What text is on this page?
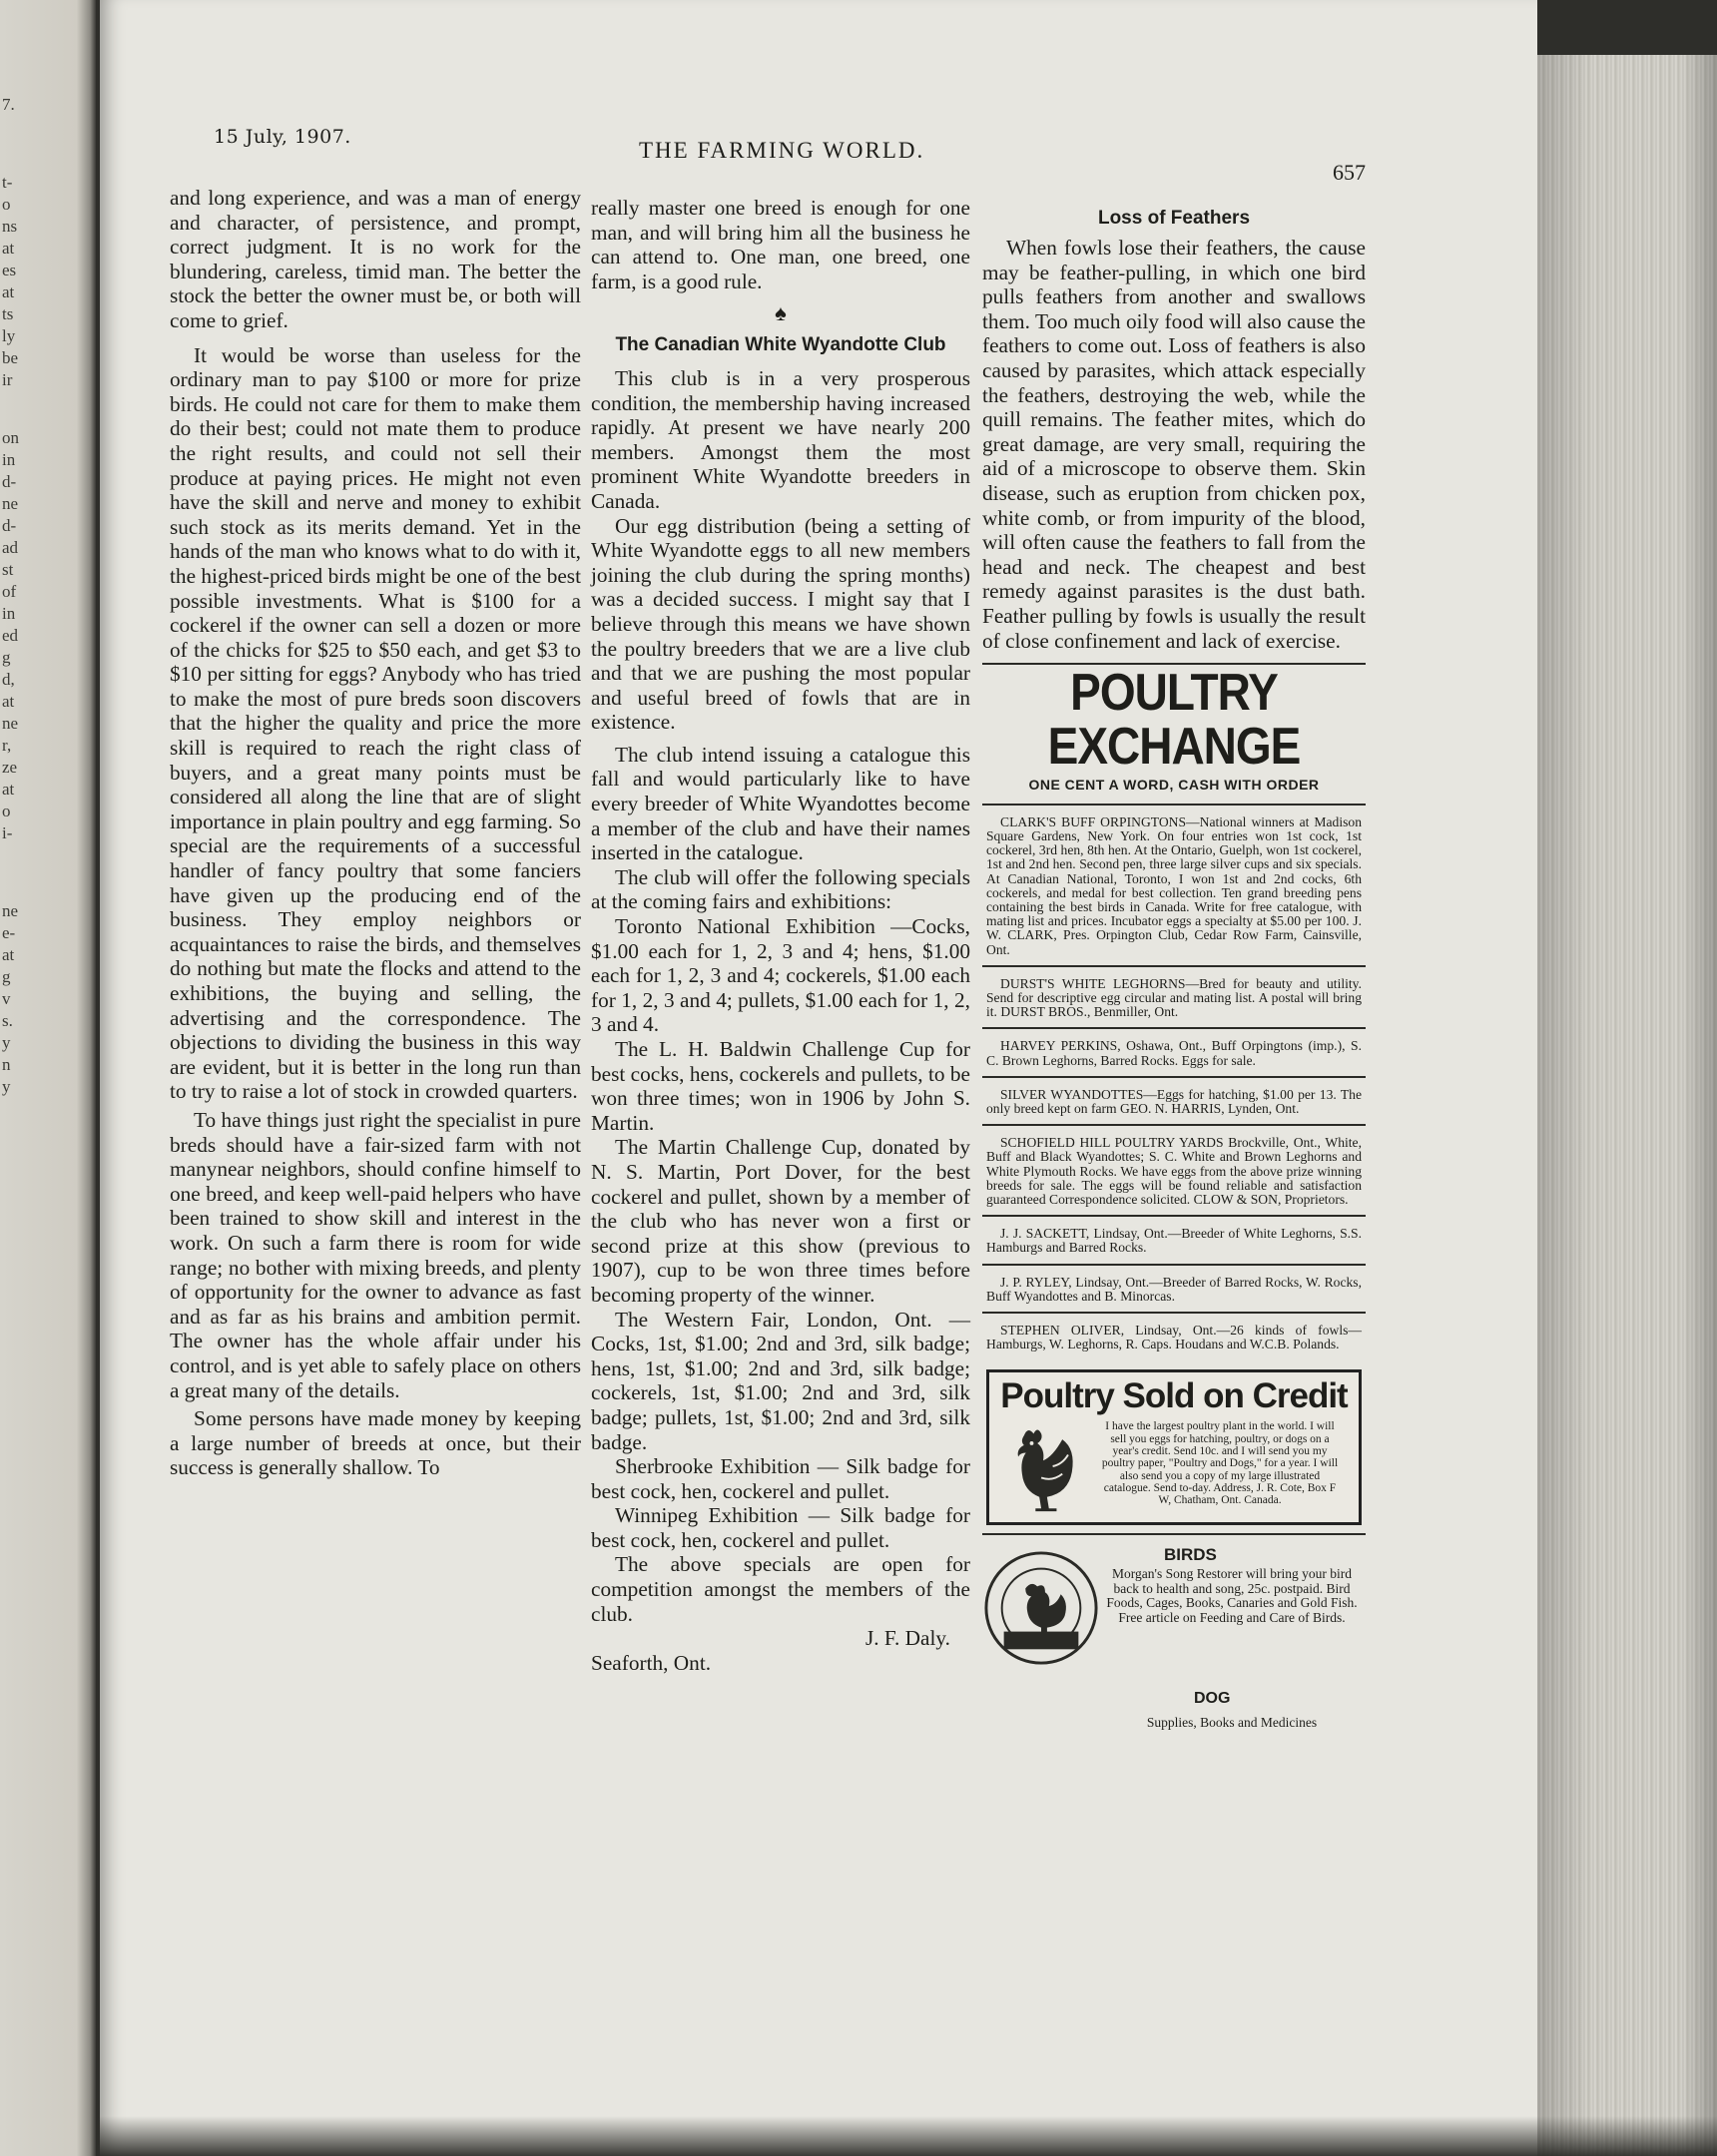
7.
t-
o
ns
at
es
at
ts
ly
be
ir
on
in
d-
ne
d-
ad
st
of
in
ed
g
d,
at
ne
r,
ze
at
o
i-
ne
e-
at
g
v
s.
y
n
y
15 July, 1907.
THE FARMING WORLD.
657

and long experience, and was a man of energy and character, of persistence, and prompt, correct judgment. It is no work for the blundering, careless, timid man. The better the stock the better the owner must be, or both will come to grief.

It would be worse than useless for the ordinary man to pay $100 or more for prize birds. He could not care for them to make them do their best; could not mate them to produce the right results, and could not sell their produce at paying prices. He might not even have the skill and nerve and money to exhibit such stock as its merits demand. Yet in the hands of the man who knows what to do with it, the highest-priced birds might be one of the best possible investments. What is $100 for a cockerel if the owner can sell a dozen or more of the chicks for $25 to $50 each, and get $3 to $10 per sitting for eggs? Anybody who has tried to make the most of pure breds soon discovers that the higher the quality and price the more skill is required to reach the right class of buyers, and a great many points must be considered all along the line that are of slight importance in plain poultry and egg farming. So special are the requirements of a successful handler of fancy poultry that some fanciers have given up the producing end of the business. They employ neighbors or acquaintances to raise the birds, and themselves do nothing but mate the flocks and attend to the exhibitions, the buying and selling, the advertising and the correspondence. The objections to dividing the business in this way are evident, but it is better in the long run than to try to raise a lot of stock in crowded quarters.

To have things just right the specialist in pure breds should have a fair-sized farm with not manynear neighbors, should confine himself to one breed, and keep well-paid helpers who have been trained to show skill and interest in the work. On such a farm there is room for wide range; no bother with mixing breeds, and plenty of opportunity for the owner to advance as fast and as far as his brains and ambition permit. The owner has the whole affair under his control, and is yet able to safely place on others a great many of the details.

Some persons have made money by keeping a large number of breeds at once, but their success is generally shallow. To

really master one breed is enough for one man, and will bring him all the business he can attend to. One man, one breed, one farm, is a good rule.

♠
The Canadian White Wyandotte Club

This club is in a very prosperous condition, the membership having increased rapidly. At present we have nearly 200 members. Amongst them the most prominent White Wyandotte breeders in Canada.

Our egg distribution (being a setting of White Wyandotte eggs to all new members joining the club during the spring months) was a decided success. I might say that I believe through this means we have shown the poultry breeders that we are a live club and that we are pushing the most popular and useful breed of fowls that are in existence.

The club intend issuing a catalogue this fall and would particularly like to have every breeder of White Wyandottes become a member of the club and have their names inserted in the catalogue.

The club will offer the following specials at the coming fairs and exhibitions:

Toronto National Exhibition —Cocks, $1.00 each for 1, 2, 3 and 4; hens, $1.00 each for 1, 2, 3 and 4; cockerels, $1.00 each for 1, 2, 3 and 4; pullets, $1.00 each for 1, 2, 3 and 4.

The L. H. Baldwin Challenge Cup for best cocks, hens, cockerels and pullets, to be won three times; won in 1906 by John S. Martin.

The Martin Challenge Cup, donated by N. S. Martin, Port Dover, for the best cockerel and pullet, shown by a member of the club who has never won a first or second prize at this show (previous to 1907), cup to be won three times before becoming property of the winner.

The Western Fair, London, Ont. —Cocks, 1st, $1.00; 2nd and 3rd, silk badge; hens, 1st, $1.00; 2nd and 3rd, silk badge; cockerels, 1st, $1.00; 2nd and 3rd, silk badge; pullets, 1st, $1.00; 2nd and 3rd, silk badge.

Sherbrooke Exhibition — Silk badge for best cock, hen, cockerel and pullet.

Winnipeg Exhibition — Silk badge for best cock, hen, cockerel and pullet.

The above specials are open for competition amongst the members of the club.

J. F. Daly.
Seaforth, Ont.
Loss of Feathers

When fowls lose their feathers, the cause may be feather-pulling, in which one bird pulls feathers from another and swallows them. Too much oily food will also cause the feathers to come out. Loss of feathers is also caused by parasites, which attack especially the feathers, destroying the web, while the quill remains. The feather mites, which do great damage, are very small, requiring the aid of a microscope to observe them. Skin disease, such as eruption from chicken pox, white comb, or from impurity of the blood, will often cause the feathers to fall from the head and neck. The cheapest and best remedy against parasites is the dust bath. Feather pulling by fowls is usually the result of close confinement and lack of exercise.

POULTRY EXCHANGE
ONE CENT A WORD, CASH WITH ORDER

CLARK'S BUFF ORPINGTONS—National winners at Madison Square Gardens, New York. On four entries won 1st cock, 1st cockerel, 3rd hen, 8th hen. At the Ontario, Guelph, won 1st cockerel, 1st and 2nd hen. Second pen, three large silver cups and six specials. At Canadian National, Toronto, I won 1st and 2nd cocks, 6th cockerels, and medal for best collection. Ten grand breeding pens containing the best birds in Canada. Write for free catalogue, with mating list and prices. Incubator eggs a specialty at $5.00 per 100. J. W. CLARK, Pres. Orpington Club, Cedar Row Farm, Cainsville, Ont.

DURST'S WHITE LEGHORNS—Bred for beauty and utility. Send for descriptive egg circular and mating list. A postal will bring it. DURST BROS., Benmiller, Ont.

HARVEY PERKINS, Oshawa, Ont., Buff Orpingtons (imp.), S. C. Brown Leghorns, Barred Rocks. Eggs for sale.

SILVER WYANDOTTES—Eggs for hatching, $1.00 per 13. The only breed kept on farm GEO. N. HARRIS, Lynden, Ont.

SCHOFIELD HILL POULTRY YARDS Brockville, Ont., White, Buff and Black Wyandottes; S. C. White and Brown Leghorns and White Plymouth Rocks. We have eggs from the above prize winning breeds for sale. The eggs will be found reliable and satisfaction guaranteed Correspondence solicited. CLOW & SON, Proprietors.

J. J. SACKETT, Lindsay, Ont.—Breeder of White Leghorns, S.S. Hamburgs and Barred Rocks.

J. P. RYLEY, Lindsay, Ont.—Breeder of Barred Rocks, W. Rocks, Buff Wyandottes and B. Minorcas.

STEPHEN OLIVER, Lindsay, Ont.—26 kinds of fowls—Hamburgs, W. Leghorns, R. Caps. Houdans and W.C.B. Polands.

Poultry Sold on Credit
I have the largest poultry plant in the world. I will sell you eggs for hatching, poultry, or dogs on a year's credit. Send 10c. and I will send you my poultry paper, "Poultry and Dogs," for a year. I will also send you a copy of my large illustrated catalogue. Send to-day. Address, J. R. Cote, Box F W, Chatham, Ont. Canada.
BIRDS
Morgan's Song Restorer will bring your bird back to health and song, 25c. postpaid. Bird Foods, Cages, Books, Canaries and Gold Fish. Free article on Feeding and Care of Birds.
DOG
Supplies, Books and Medicines
